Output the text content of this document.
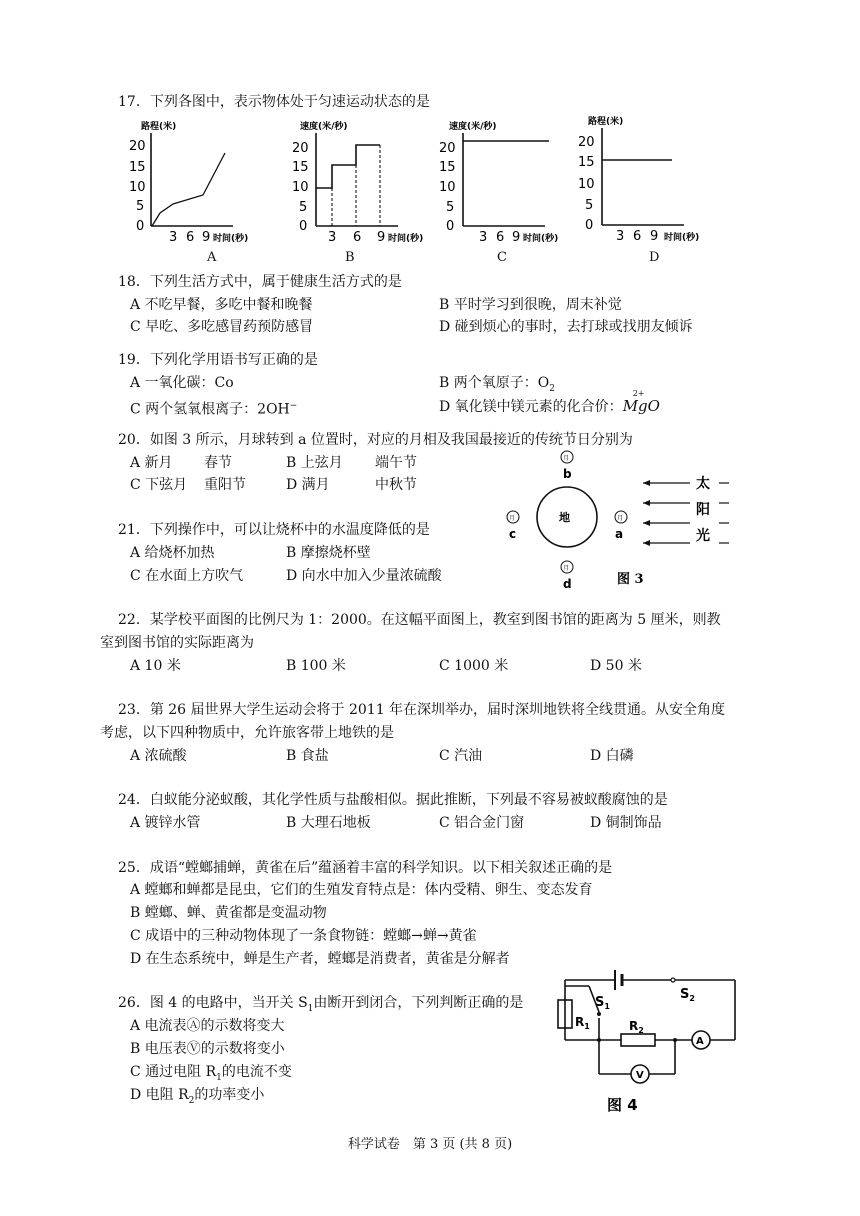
17．下列各图中，表示物体处于匀速运动状态的是
路程(米)
20
15
10
5
0
3 6 9 时间(秒)
A
速度(米/秒)
20
15
10
5
0
3 6 9 时间(秒)
B
速度(米/秒)
20
15
10
5
0
3 6 9 时间(秒)
C
路程(米)
20
15
10
5
0
3 6 9 时间(秒)
D
18．下列生活方式中，属于健康生活方式的是
A 不吃早餐，多吃中餐和晚餐	B 平时学习到很晚，周末补觉
C 早吃、多吃感冒药预防感冒	D 碰到烦心的事时，去打球或找朋友倾诉
19．下列化学用语书写正确的是
A 一氧化碳：Co	B 两个氧原子：$O_2$
C 两个氢氧根离子：2OH−	D 氧化镁中镁元素的化合价：
2+
MgO
20．如图 3 所示，月球转到 a 位置时，对应的月相及我国最接近的传统节日分别为
A 新月 春节	B 上弦月 端午节
C 下弦月 重阳节	D 满月	中秋节
地
月
b
月
c
月
a
月
d
太
阳
光
图 3
21．下列操作中，可以让烧杯中的水温度降低的是
A 给烧杯加热	B 摩擦烧杯壁
C 在水面上方吹气	D 向水中加入少量浓硫酸
22．某学校平面图的比例尺为 1：2000。在这幅平面图上，教室到图书馆的距离为 5 厘米，则教
室到图书馆的实际距离为
A 10 米	B 100 米	C 1000 米	D 50 米
23．第 26 届世界大学生运动会将于 2011 年在深圳举办，届时深圳地铁将全线贯通。从安全角度
考虑，以下四种物质中，允许旅客带上地铁的是
A 浓硫酸	B 食盐	C 汽油	D 白磷
24．白蚁能分泌蚁酸，其化学性质与盐酸相似。据此推断，下列最不容易被蚁酸腐蚀的是
A 镀锌水管	B 大理石地板	C 铝合金门窗	D 铜制饰品
25．成语“螳螂捕蝉，黄雀在后”蕴涵着丰富的科学知识。以下相关叙述正确的是
A 螳螂和蝉都是昆虫，它们的生殖发育特点是：体内受精、卵生、变态发育
B 螳螂、蝉、黄雀都是变温动物
C 成语中的三种动物体现了一条食物链：螳螂→蝉→黄雀
D 在生态系统中，蝉是生产者，螳螂是消费者，黄雀是分解者
26．图 4 的电路中，当开关 $S_1$由断开到闭合，下列判断正确的是
A 电流表Ⓐ的示数将变大
B 电压表Ⓥ的示数将变小
C 通过电阻 $R_1$的电流不变
D 电阻 $R_2$的功率变小
$S_2$
$S_1$
$R_1$	$R_2$
A
V
图 4
科学试卷　第 3 页 (共 8 页)
